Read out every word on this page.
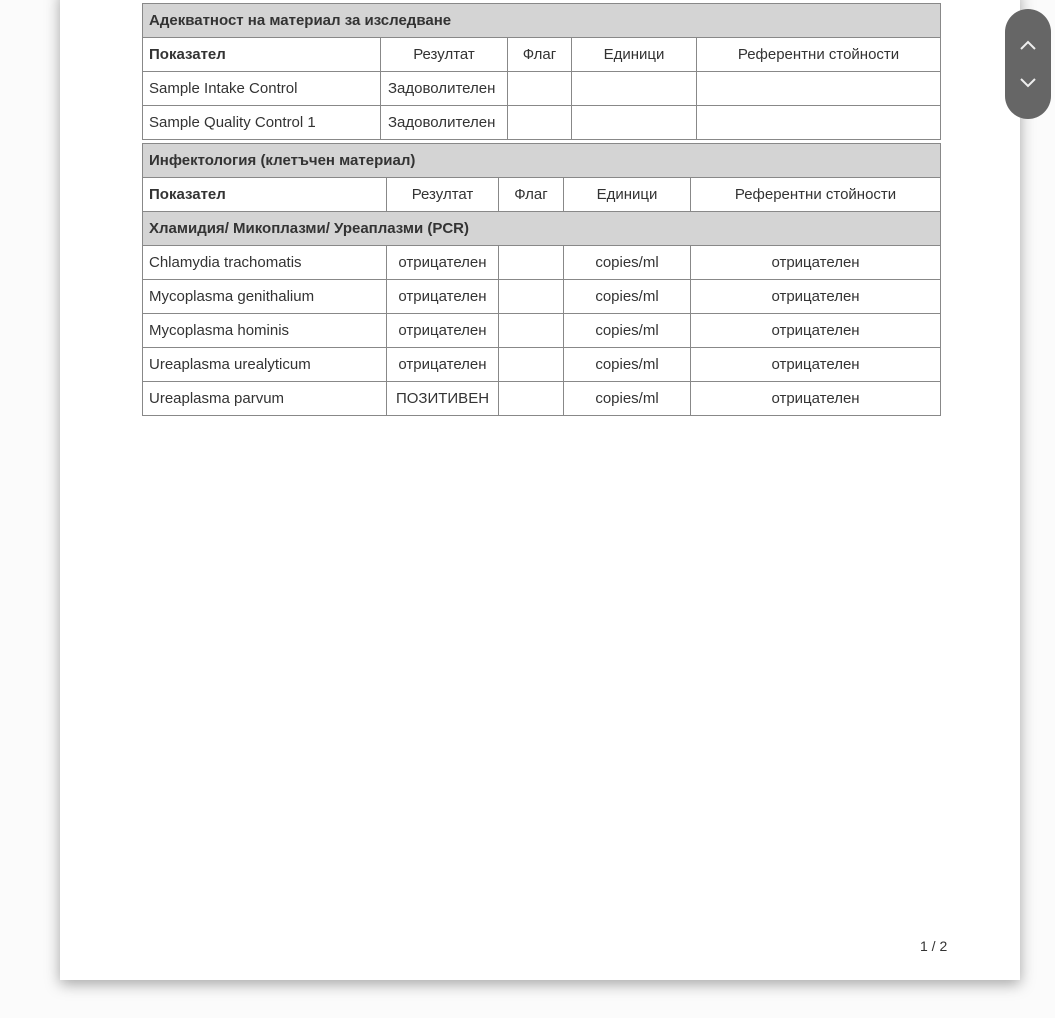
Адекватност на материал за изследване				
Показател	Резултат	Флаг	Единици	Референтни стойности
Sample Intake Control	Задоволителен			
Sample Quality Control 1	Задоволителен			
Инфектология (клетъчен материал)				
Показател	Резултат	Флаг	Единици	Референтни стойности
Хламидия/ Микоплазми/ Уреаплазми (PCR)				
Chlamydia trachomatis	отрицателен		copies/ml	отрицателен
Mycoplasma genithalium	отрицателен		copies/ml	отрицателен
Mycoplasma hominis	отрицателен		copies/ml	отрицателен
Ureaplasma urealyticum	отрицателен		copies/ml	отрицателен
Ureaplasma parvum	ПОЗИТИВЕН		copies/ml	отрицателен
1 / 2
